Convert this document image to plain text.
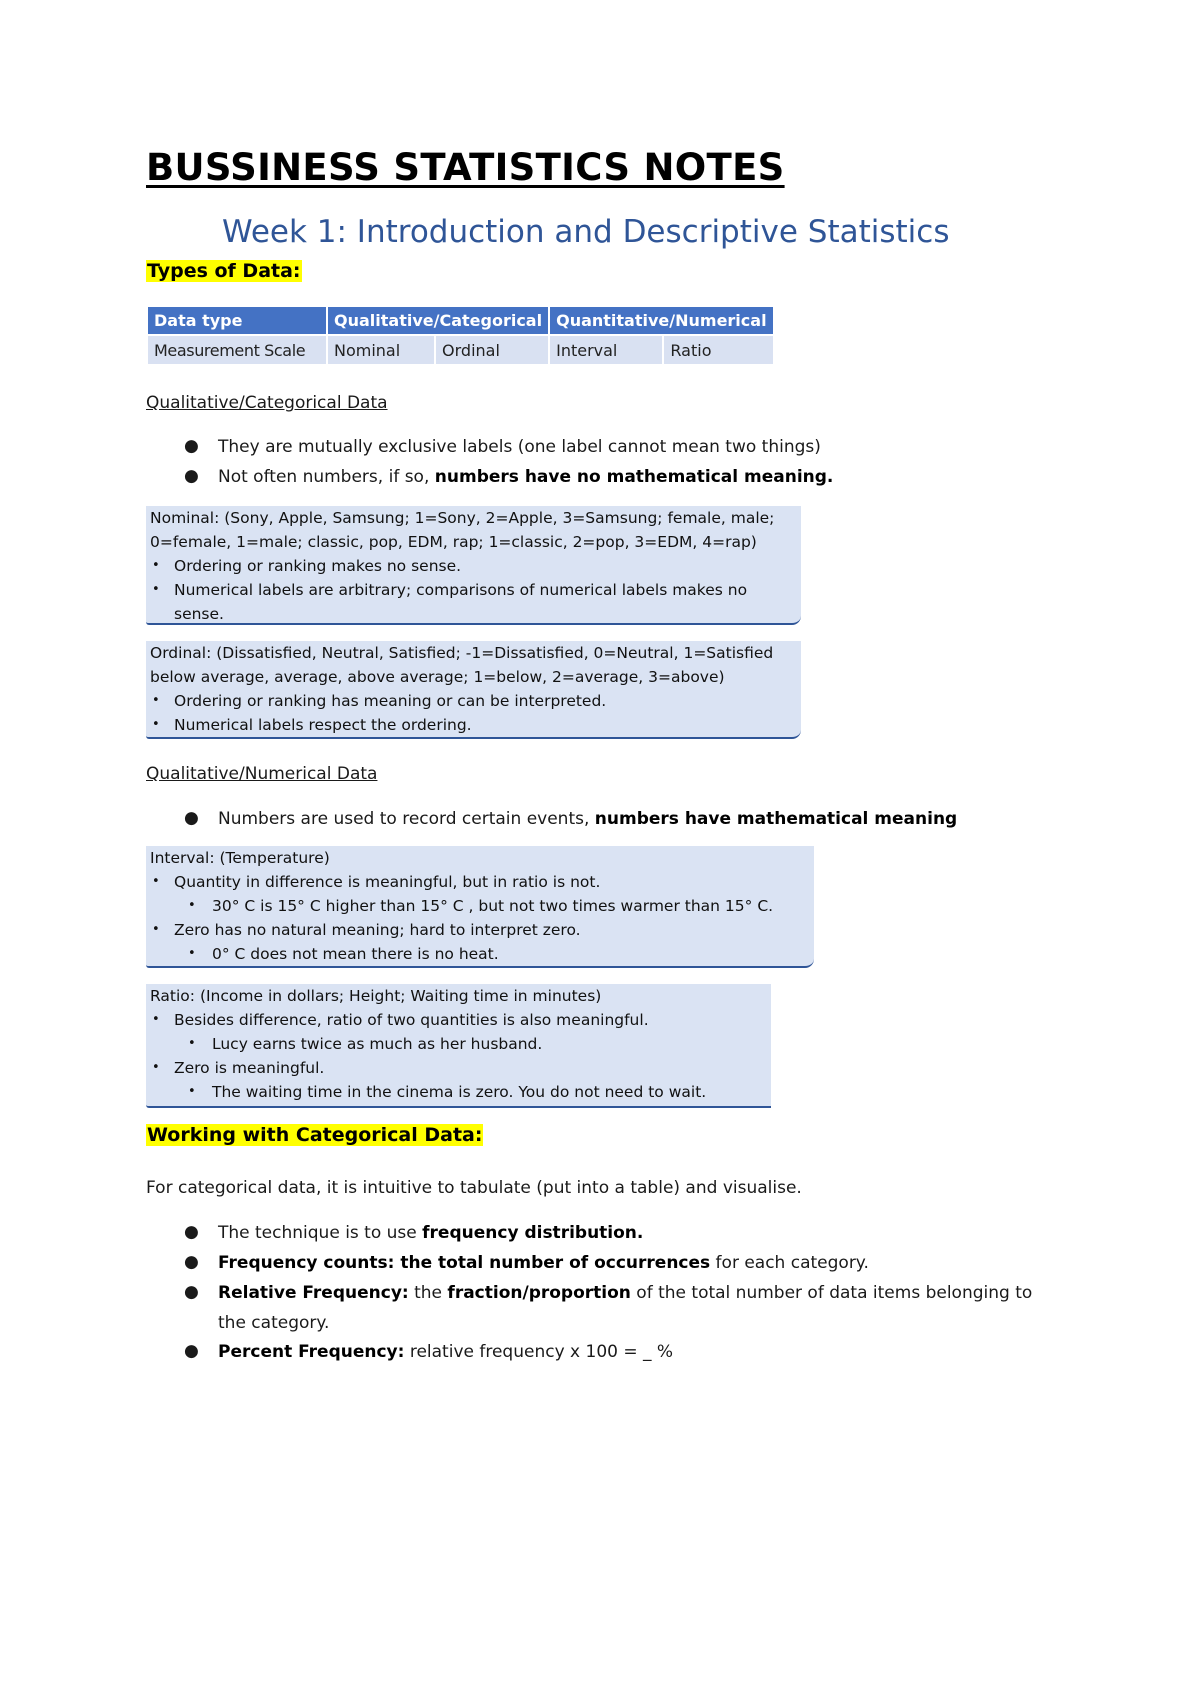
BUSSINESS STATISTICS NOTES
Week 1: Introduction and Descriptive Statistics
Types of Data:
Data type	Qualitative/Categorical		Quantitative/Numerical	
Measurement Scale	Nominal	Ordinal	Interval	Ratio
Qualitative/Categorical Data
● They are mutually exclusive labels (one label cannot mean two things)
● Not often numbers, if so, numbers have no mathematical meaning.
Nominal: (Sony, Apple, Samsung; 1=Sony, 2=Apple, 3=Samsung; female, male;
0=female, 1=male; classic, pop, EDM, rap; 1=classic, 2=pop, 3=EDM, 4=rap)
• Ordering or ranking makes no sense.
• Numerical labels are arbitrary; comparisons of numerical labels makes no
sense.
Ordinal: (Dissatisfied, Neutral, Satisfied; -1=Dissatisfied, 0=Neutral, 1=Satisfied
below average, average, above average; 1=below, 2=average, 3=above)
• Ordering or ranking has meaning or can be interpreted.
• Numerical labels respect the ordering.
Qualitative/Numerical Data
● Numbers are used to record certain events, numbers have mathematical meaning
Interval: (Temperature)
• Quantity in difference is meaningful, but in ratio is not.
• 30° C is 15° C higher than 15° C , but not two times warmer than 15° C.
• Zero has no natural meaning; hard to interpret zero.
• 0° C does not mean there is no heat.
Ratio: (Income in dollars; Height; Waiting time in minutes)
• Besides difference, ratio of two quantities is also meaningful.
• Lucy earns twice as much as her husband.
• Zero is meaningful.
• The waiting time in the cinema is zero. You do not need to wait.
Working with Categorical Data:
For categorical data, it is intuitive to tabulate (put into a table) and visualise.
● The technique is to use frequency distribution.
● Frequency counts: the total number of occurrences for each category.
● Relative Frequency: the fraction/proportion of the total number of data items belonging to
the category.
● Percent Frequency: relative frequency x 100 = _ %
